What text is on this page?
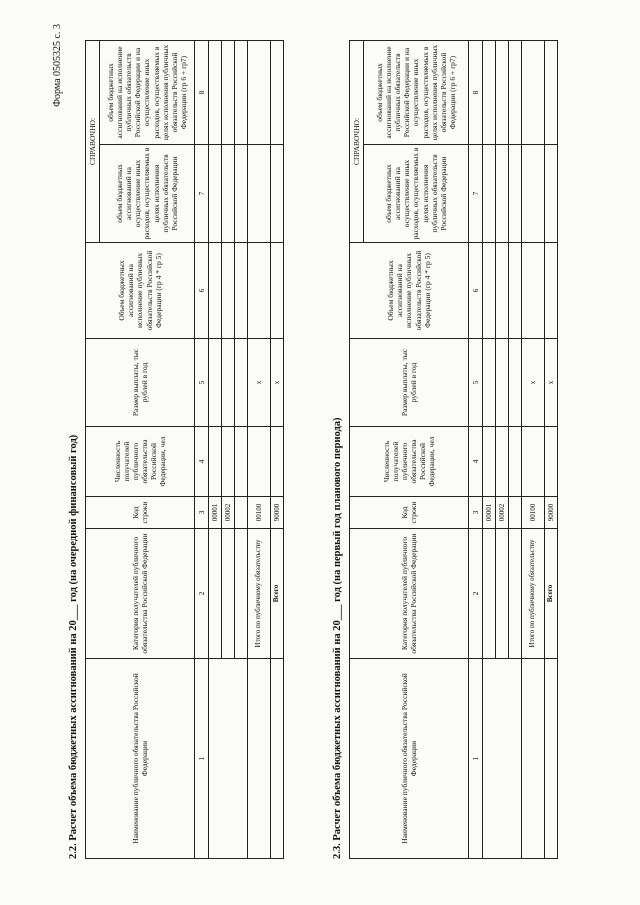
Форма 0505325 с. 3
2.2. Расчет объема бюджетных ассигнований на 20___ год (на очередной финансовый год)	Наименование публичного обязательства Российской Федерации	Категория получателей публичного обязательства Российской Федерации	Код строки	Численность получателей публичного обязательства Российской Федерации, чел	Размер выплаты, тыс рублей в год	Объем бюджетных ассигнований на исполнение публичных обязательств Российской Федерации (гр 4 * гр 5)	СПРАВОЧНО:	
						объем бюджетных ассигнований на осуществление иных расходов, осуществляемых в целях исполнения публичных обязательств Российской Федерации	объем бюджетных ассигнований на исполнение публичных обязательств Российской Федерации и на осуществление иных расходов, осуществляемых в целях исполнения публичных обязательств Российской Федерации (гр 6 + гр7)
1	2	3	4	5	6	7	8
		00001					
		00002					

	Итого по публичному обязательству	00100		x			
	Всего	90000		x			
2.3. Расчет объема бюджетных ассигнований на 20___ год (на первый год планового периода)	Наименование публичного обязательства Российской Федерации	Категория получателей публичного обязательства Российской Федерации	Код строки	Численность получателей публичного обязательства Российской Федерации, чел	Размер выплаты, тыс рублей в год	Объем бюджетных ассигнований на исполнение публичных обязательств Российской Федерации (гр 4 * гр 5)	СПРАВОЧНО:	
						объем бюджетных ассигнований на осуществление иных расходов, осуществляемых в целях исполнения публичных обязательств Российской Федерации	объем бюджетных ассигнований на исполнение публичных обязательств Российской Федерации и на осуществление иных расходов, осуществляемых в целях исполнения публичных обязательств Российской Федерации (гр 6 + гр7)
1	2	3	4	5	6	7	8
		00001					
		00002					

	Итого по публичному обязательству	00100		x			
	Всего	90000		x			
